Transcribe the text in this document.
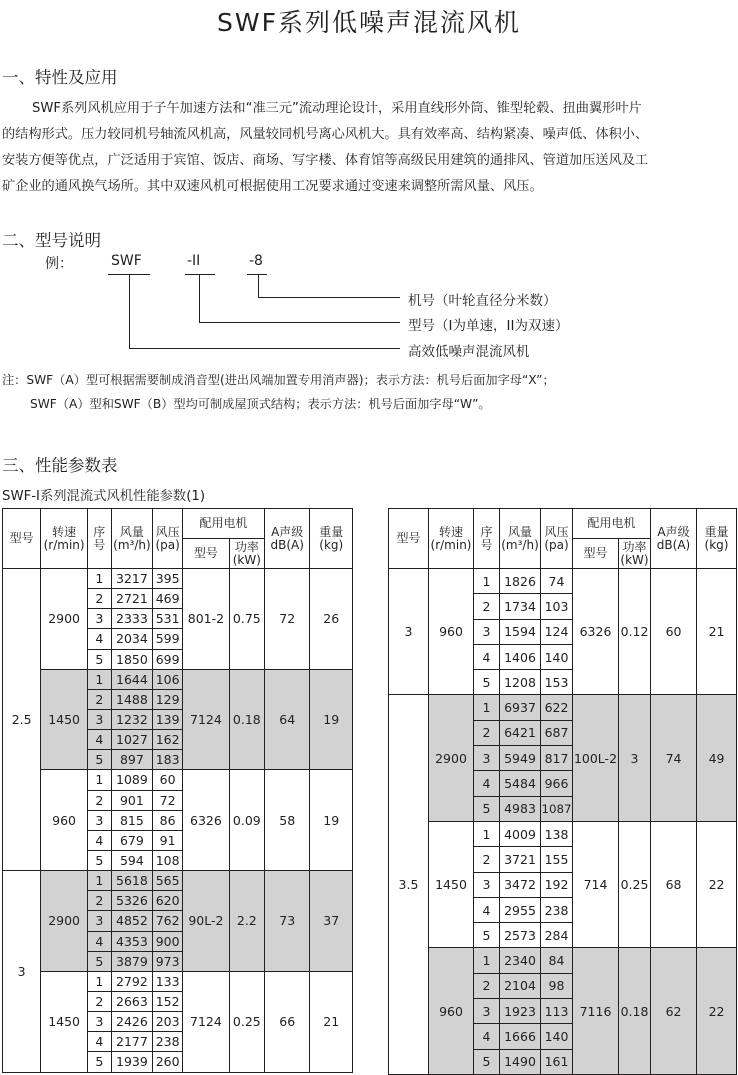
SWF系列低噪声混流风机
一、特性及应用
SWF系列风机应用于子午加速方法和“准三元”流动理论设计，采用直线形外筒、锥型轮毂、扭曲翼形叶片
的结构形式。压力较同机号轴流风机高，风量较同机号离心风机大。具有效率高、结构紧凑、噪声低、体积小、
安装方便等优点，广泛适用于宾馆、饭店、商场、写字楼、体育馆等高级民用建筑的通排风、管道加压送风及工
矿企业的通风换气场所。其中双速风机可根据使用工况要求通过变速来调整所需风量、风压。
二、型号说明
例：	SWF	-II	-8
机号（叶轮直径分米数）
型号（I为单速，II为双速）
高效低噪声混流风机
注：SWF（A）型可根据需要制成消音型(进出风端加置专用消声器)；表示方法：机号后面加字母“X”；
SWF（A）型和SWF（B）型均可制成屋顶式结构；表示方法：机号后面加字母“W”。
三、性能参数表
SWF-I系列混流式风机性能参数(1)
型号	转速
(r/min)	序
号	风量
(m³/h)	风压
(pa)	配用电机		A声级
dB(A)	重量
(kg)
					型号	功率
(kW)		
2.5	2900	1	3217	395	801-2	0.75	72	26
		2	2721	469				
		3	2333	531				
		4	2034	599				
		5	1850	699				
	1450	1	1644	106	7124	0.18	64	19
		2	1488	129				
		3	1232	139				
		4	1027	162				
		5	897	183				
	960	1	1089	60	6326	0.09	58	19
		2	901	72				
		3	815	86				
		4	679	91				
		5	594	108				
3	2900	1	5618	565	90L-2	2.2	73	37
		2	5326	620				
		3	4852	762				
		4	4353	900				
		5	3879	973				
	1450	1	2792	133	7124	0.25	66	21
		2	2663	152				
		3	2426	203				
		4	2177	238				
		5	1939	260				
型号	转速
(r/min)	序
号	风量
(m³/h)	风压
(pa)	配用电机		A声级
dB(A)	重量
(kg)
					型号	功率
(kW)		
3	960	1	1826	74	6326	0.12	60	21
		2	1734	103				
		3	1594	124				
		4	1406	140				
		5	1208	153				
3.5	2900	1	6937	622	100L-2	3	74	49
		2	6421	687				
		3	5949	817				
		4	5484	966				
		5	4983	1087				
	1450	1	4009	138	714	0.25	68	22
		2	3721	155				
		3	3472	192				
		4	2955	238				
		5	2573	284				
	960	1	2340	84	7116	0.18	62	22
		2	2104	98				
		3	1923	113				
		4	1666	140				
		5	1490	161				
